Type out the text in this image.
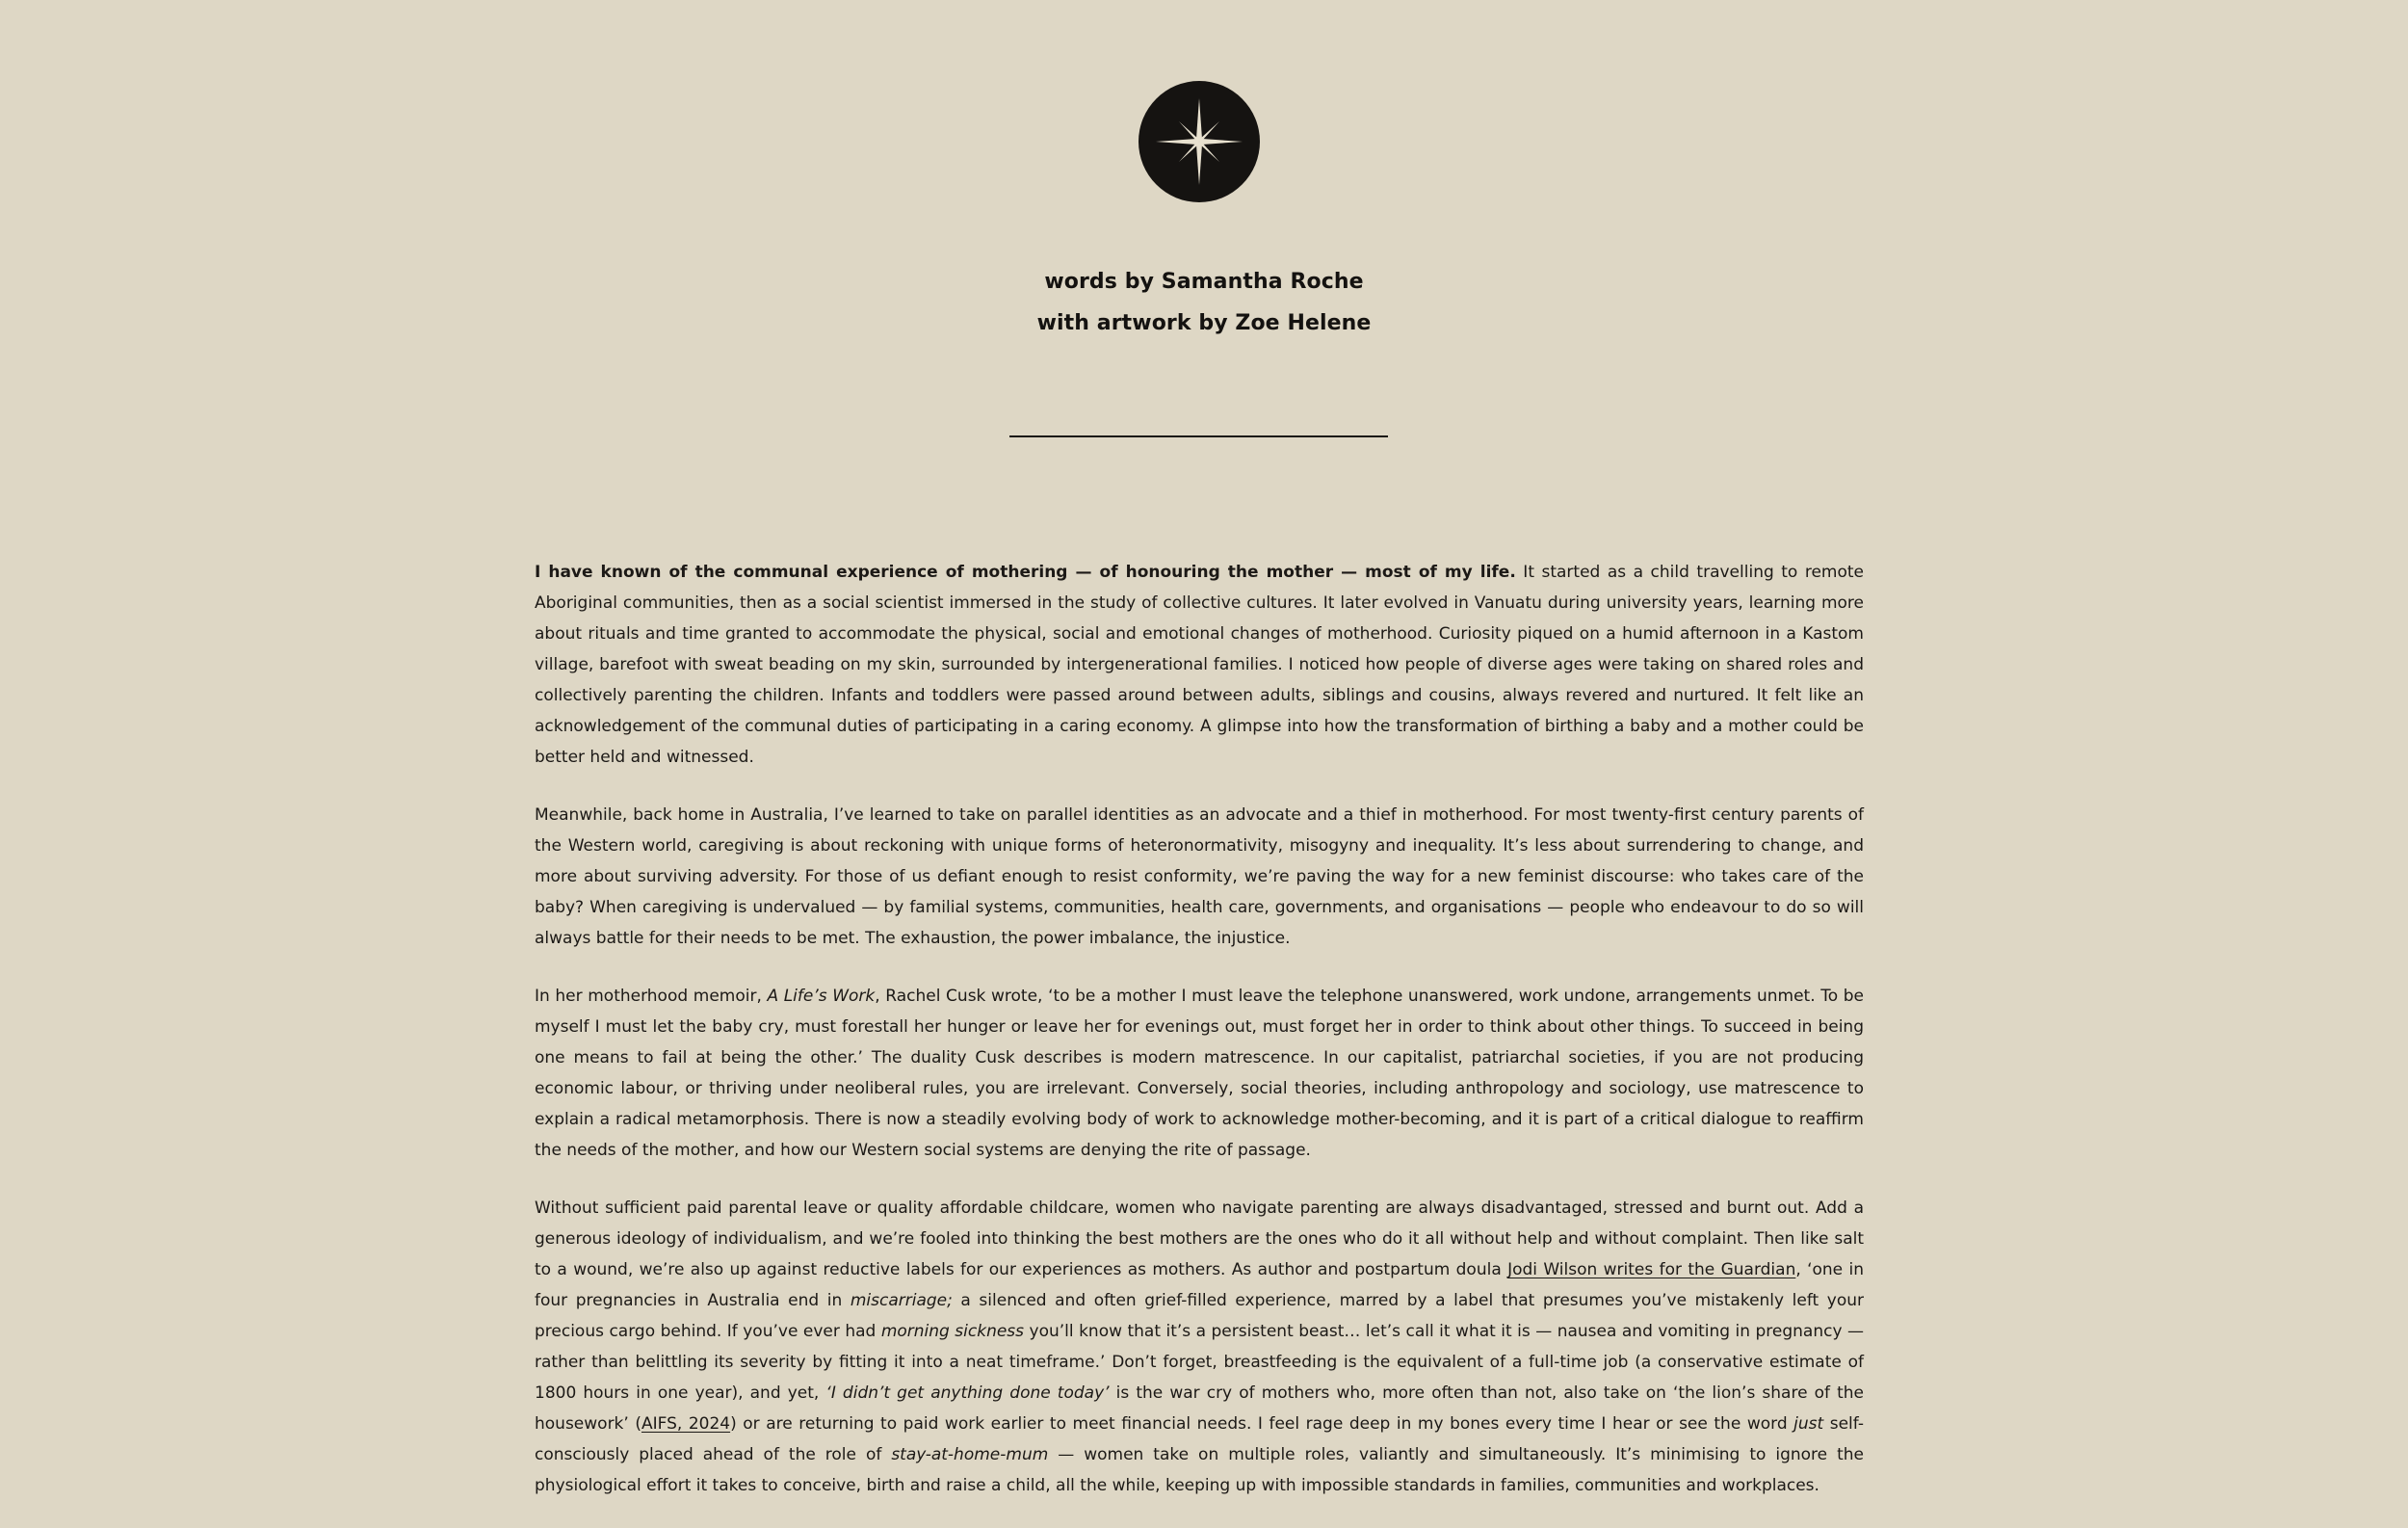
words by Samantha Roche
with artwork by Zoe Helene

I have known of the communal experience of mothering — of honouring the mother — most of my life. It started as a child travelling to remote Aboriginal communities, then as a social scientist immersed in the study of collective cultures. It later evolved in Vanuatu during university years, learning more about rituals and time granted to accommodate the physical, social and emotional changes of motherhood. Curiosity piqued on a humid afternoon in a Kastom village, barefoot with sweat beading on my skin, surrounded by intergenerational families. I noticed how people of diverse ages were taking on shared roles and collectively parenting the children. Infants and toddlers were passed around between adults, siblings and cousins, always revered and nurtured. It felt like an acknowledgement of the communal duties of participating in a caring economy. A glimpse into how the transformation of birthing a baby and a mother could be better held and witnessed.

Meanwhile, back home in Australia, I’ve learned to take on parallel identities as an advocate and a thief in motherhood. For most twenty-first century parents of the Western world, caregiving is about reckoning with unique forms of heteronormativity, misogyny and inequality. It’s less about surrendering to change, and more about surviving adversity. For those of us defiant enough to resist conformity, we’re paving the way for a new feminist discourse: who takes care of the baby? When caregiving is undervalued — by familial systems, communities, health care, governments, and organisations — people who endeavour to do so will always battle for their needs to be met. The exhaustion, the power imbalance, the injustice.

In her motherhood memoir, A Life’s Work, Rachel Cusk wrote, ‘to be a mother I must leave the telephone unanswered, work undone, arrangements unmet. To be myself I must let the baby cry, must forestall her hunger or leave her for evenings out, must forget her in order to think about other things. To succeed in being one means to fail at being the other.’ The duality Cusk describes is modern matrescence. In our capitalist, patriarchal societies, if you are not producing economic labour, or thriving under neoliberal rules, you are irrelevant. Conversely, social theories, including anthropology and sociology, use matrescence to explain a radical metamorphosis. There is now a steadily evolving body of work to acknowledge mother-becoming, and it is part of a critical dialogue to reaffirm the needs of the mother, and how our Western social systems are denying the rite of passage.

Without sufficient paid parental leave or quality affordable childcare, women who navigate parenting are always disadvantaged, stressed and burnt out. Add a generous ideology of individualism, and we’re fooled into thinking the best mothers are the ones who do it all without help and without complaint. Then like salt to a wound, we’re also up against reductive labels for our experiences as mothers. As author and postpartum doula Jodi Wilson writes for the Guardian, ‘one in four pregnancies in Australia end in miscarriage; a silenced and often grief-filled experience, marred by a label that presumes you’ve mistakenly left your precious cargo behind. If you’ve ever had morning sickness you’ll know that it’s a persistent beast… let’s call it what it is — nausea and vomiting in pregnancy — rather than belittling its severity by fitting it into a neat timeframe.’ Don’t forget, breastfeeding is the equivalent of a full-time job (a conservative estimate of 1800 hours in one year), and yet, ‘I didn’t get anything done today’ is the war cry of mothers who, more often than not, also take on ‘the lion’s share of the housework’ (AIFS, 2024) or are returning to paid work earlier to meet financial needs. I feel rage deep in my bones every time I hear or see the word just self-consciously placed ahead of the role of stay-at-home-mum — women take on multiple roles, valiantly and simultaneously. It’s minimising to ignore the physiological effort it takes to conceive, birth and raise a child, all the while, keeping up with impossible standards in families, communities and workplaces.
